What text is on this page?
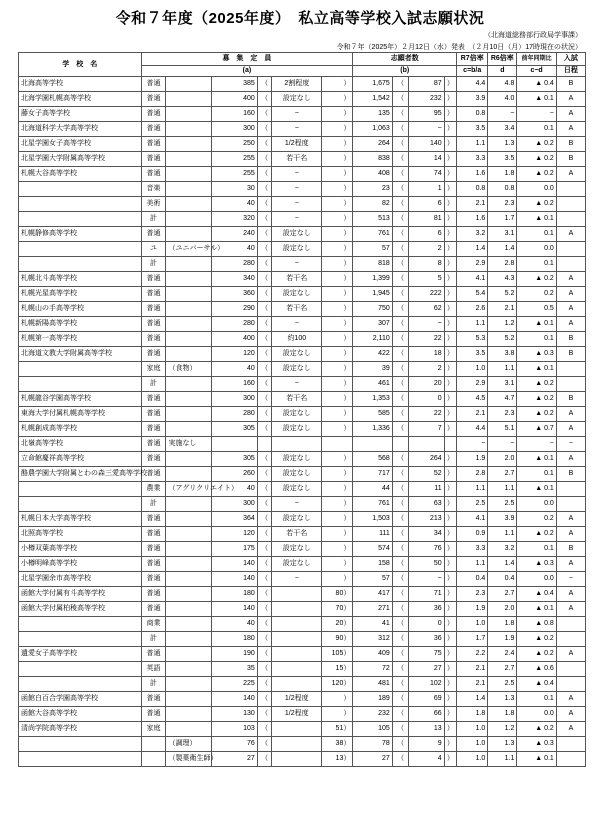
令和７年度（2025年度）　私立高等学校入試志願状況
（北海道総務部行政局学事課）
令和７年（2025年）２月12日（水）発表　（２月10日（月）17時現在の状況）
学　校　名	募　集　定　員						志願者数				R7倍率	R6倍率	前年同期比	入試
	(a)						(b)				c=b/a	d	c−d	日程
北海高等学校	普通		385	（	2割程度	）	1,675	（	87	）	4.4	4.8	▲ 0.4	B
北海学園札幌高等学校	普通		400	（	設定なし	）	1,542	（	232	）	3.9	4.0	▲ 0.1	A
藤女子高等学校	普通		160	（	−	）	135	（	95	）	0.8	−	−	A
北海道科学大学高等学校	普通		300	（	−	）	1,063	（	−	）	3.5	3.4	0.1	A
北星学園女子高等学校	普通		250	（	1/2程度	）	264	（	140	）	1.1	1.3	▲ 0.2	B
北星学園大学附属高等学校	普通		255	（	若干名	）	838	（	14	）	3.3	3.5	▲ 0.2	B
札幌大谷高等学校	普通		255	（	−	）	408	（	74	）	1.6	1.8	▲ 0.2	A
	音楽		30	（	−	）	23	（	1	）	0.8	0.8	0.0	
	美術		40	（	−	）	82	（	6	）	2.1	2.3	▲ 0.2	
	計		320	（	−	）	513	（	81	）	1.6	1.7	▲ 0.1	
札幌静修高等学校	普通		240	（	設定なし	）	761	（	6	）	3.2	3.1	0.1	A
	ユ	（ユニバーサル）	40	（	設定なし	）	57	（	2	）	1.4	1.4	0.0	
	計		280	（	−	）	818	（	8	）	2.9	2.8	0.1	
札幌北斗高等学校	普通		340	（	若干名	）	1,399	（	5	）	4.1	4.3	▲ 0.2	A
札幌光星高等学校	普通		360	（	設定なし	）	1,945	（	222	）	5.4	5.2	0.2	A
札幌山の手高等学校	普通		290	（	若干名	）	750	（	62	）	2.6	2.1	0.5	A
札幌新陽高等学校	普通		280	（	−	）	307	（	−	）	1.1	1.2	▲ 0.1	A
札幌第一高等学校	普通		400	（	約100	）	2,110	（	22	）	5.3	5.2	0.1	B
北海道文教大学附属高等学校	普通		120	（	設定なし	）	422	（	18	）	3.5	3.8	▲ 0.3	B
	家庭	（食物）	40	（	設定なし	）	39	（	2	）	1.0	1.1	▲ 0.1	
	計		160	（	−	）	461	（	20	）	2.9	3.1	▲ 0.2	
札幌龍谷学園高等学校	普通		300	（	若干名	）	1,353	（	0	）	4.5	4.7	▲ 0.2	B
東海大学付属札幌高等学校	普通		280	（	設定なし	）	585	（	22	）	2.1	2.3	▲ 0.2	A
札幌創成高等学校	普通		305	（	設定なし	）	1,336	（	7	）	4.4	5.1	▲ 0.7	A
北嶺高等学校	普通	実施なし									−	−	−	−
立命館慶祥高等学校	普通		305	（	設定なし	）	568	（	264	）	1.9	2.0	▲ 0.1	A
酪農学園大学附属とわの森三愛高等学校	普通		260	（	設定なし	）	717	（	52	）	2.8	2.7	0.1	B
	農業	（アグリクリエイト）	40	（	設定なし	）	44	（	11	）	1.1	1.1	▲ 0.1	
	計		300	（	−	）	761	（	63	）	2.5	2.5	0.0	
札幌日本大学高等学校	普通		364	（	設定なし	）	1,503	（	213	）	4.1	3.9	0.2	A
北照高等学校	普通		120	（	若干名	）	111	（	34	）	0.9	1.1	▲ 0.2	A
小樽双葉高等学校	普通		175	（	設定なし	）	574	（	76	）	3.3	3.2	0.1	B
小樽明峰高等学校	普通		140	（	設定なし	）	158	（	50	）	1.1	1.4	▲ 0.3	A
北星学園余市高等学校	普通		140	（	−	）	57	（	−	）	0.4	0.4	0.0	−
函館大学付属有斗高等学校	普通		180	（		80）	417	（	71	）	2.3	2.7	▲ 0.4	A
函館大学付属柏稜高等学校	普通		140	（		70）	271	（	36	）	1.9	2.0	▲ 0.1	A
	商業		40	（		20）	41	（	0	）	1.0	1.8	▲ 0.8	
	計		180	（		90）	312	（	36	）	1.7	1.9	▲ 0.2	
遺愛女子高等学校	普通		190	（		105）	409	（	75	）	2.2	2.4	▲ 0.2	A
	英語		35	（		15）	72	（	27	）	2.1	2.7	▲ 0.6	
	計		225	（		120）	481	（	102	）	2.1	2.5	▲ 0.4	
函館白百合学園高等学校	普通		140	（	1/2程度	）	189	（	69	）	1.4	1.3	0.1	A
函館大谷高等学校	普通		130	（	1/2程度	）	232	（	66	）	1.8	1.8	0.0	A
清尚学院高等学校	家庭		103	（		51）	105	（	13	）	1.0	1.2	▲ 0.2	A
		（調理）	76	（		38）	78	（	9	）	1.0	1.3	▲ 0.3	
		（製菓衛生師）	27	（		13）	27	（	4	）	1.0	1.1	▲ 0.1	
